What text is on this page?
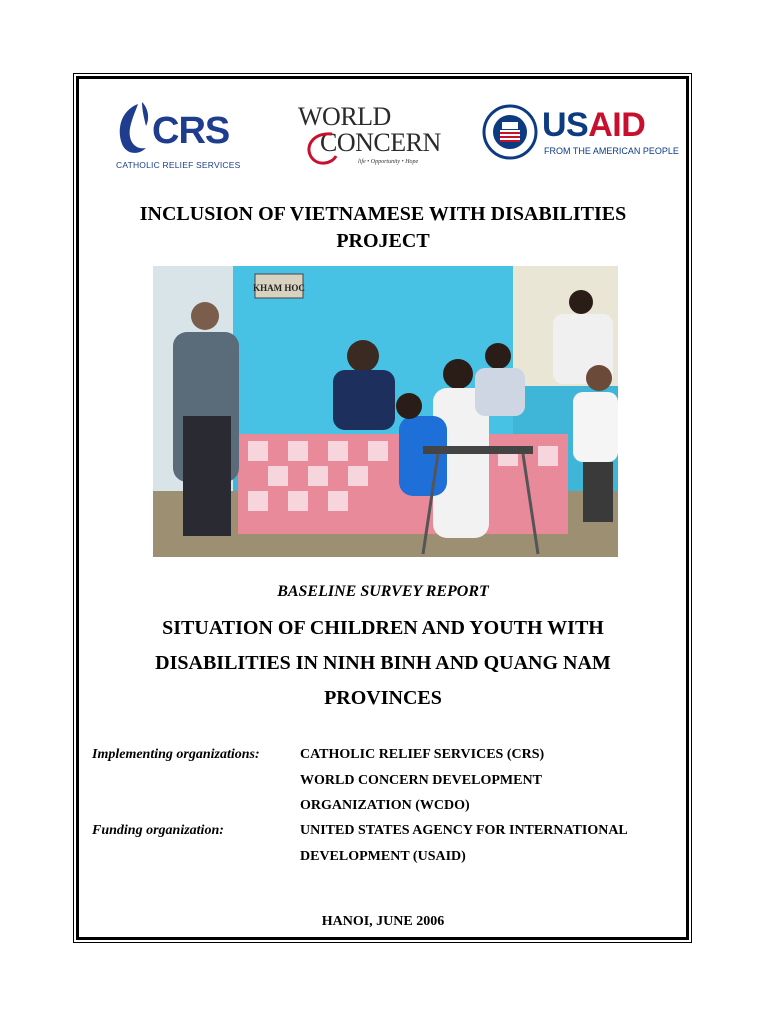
CRS
CATHOLIC RELIEF SERVICES
WORLD
CONCERN
life • Opportunity • Hope
USAID
FROM THE AMERICAN PEOPLE
INCLUSION OF VIETNAMESE WITH DISABILITIES
PROJECT
KHAM HOC
BASELINE SURVEY REPORT
SITUATION OF CHILDREN AND YOUTH WITH
DISABILITIES IN NINH BINH AND QUANG NAM
PROVINCES
Implementing organizations:	CATHOLIC RELIEF SERVICES (CRS)
WORLD CONCERN DEVELOPMENT
ORGANIZATION (WCDO)
Funding organization:	UNITED STATES AGENCY FOR INTERNATIONAL
DEVELOPMENT (USAID)
HANOI, JUNE 2006
